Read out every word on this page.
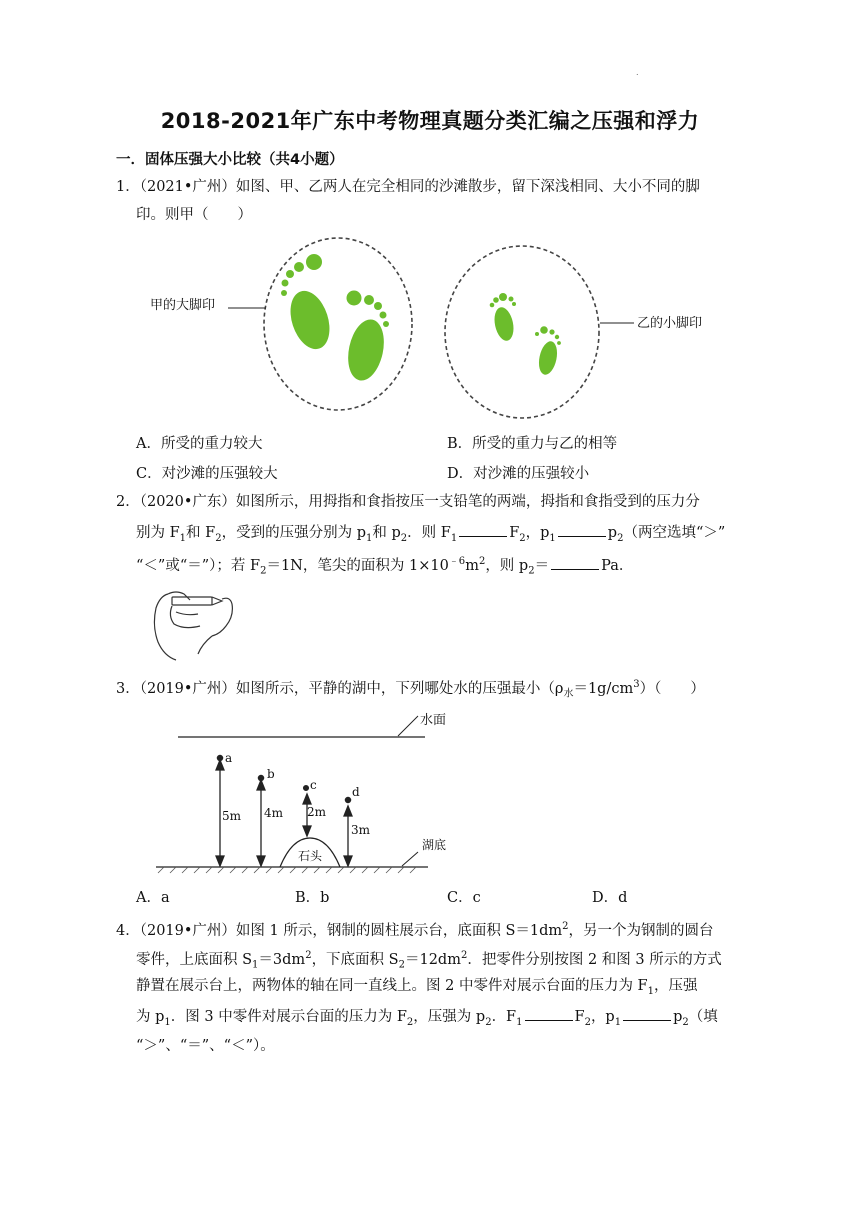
.
2018-2021年广东中考物理真题分类汇编之压强和浮力
一．固体压强大小比较（共4小题）
1．（2021•广州）如图、甲、乙两人在完全相同的沙滩散步，留下深浅相同、大小不同的脚
印。则甲（　　）
甲的大脚印
乙的小脚印
A．所受的重力较大	B．所受的重力与乙的相等
C．对沙滩的压强较大	D．对沙滩的压强较小
2．（2020•广东）如图所示，用拇指和食指按压一支铅笔的两端，拇指和食指受到的压力分
别为 $F_1$和 $F_2$，受到的压强分别为 $p_1$和 $p_2$．则 $F_1$	$F_2$，$p_1$	$p_2$（两空选填“＞”
“＜”或“＝”）；若 $F_2=1N$，笔尖的面积为 $1\times 10^{﹣6}m^2$，则 $p_2=$	Pa．
3．（2019•广州）如图所示，平静的湖中，下列哪处水的压强最小$(\rho_水=1g/cm^3)$（　　）
水面
湖底
石头
a
b
c	d
5m 4m 2m
3m
A．a	B．b	C．c	D．d
4．（2019•广州）如图 1 所示，钢制的圆柱展示台，底面积 $S=1dm^2$，另一个为钢制的圆台
零件，上底面积 $S_1=3dm^2$，下底面积 $S_2=12dm^2$．把零件分别按图 2 和图 3 所示的方式
静置在展示台上，两物体的轴在同一直线上。图 2 中零件对展示台面的压力为 $F_1$，压强
为 $p_1$．图 3 中零件对展示台面的压力为 $F_2$，压强为 $p_2$．$F_1$	$F_2$，$p_1$	$p_2$（填
“＞”、“＝”、“＜”）。
